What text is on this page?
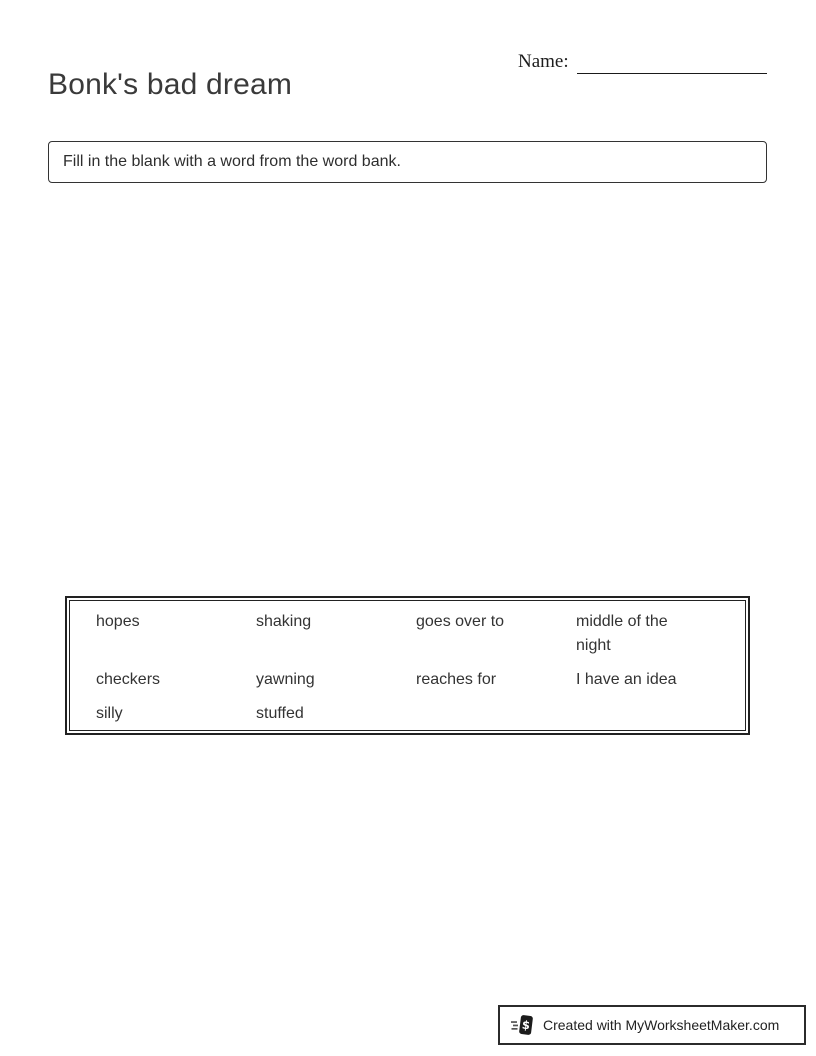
Bonk's bad dream
Name:
Fill in the blank with a word from the word bank.
hopes	shaking	goes over to	middle of the night
checkers	yawning	reaches for	I have an idea
silly	stuffed
$ Created with MyWorksheetMaker.com
